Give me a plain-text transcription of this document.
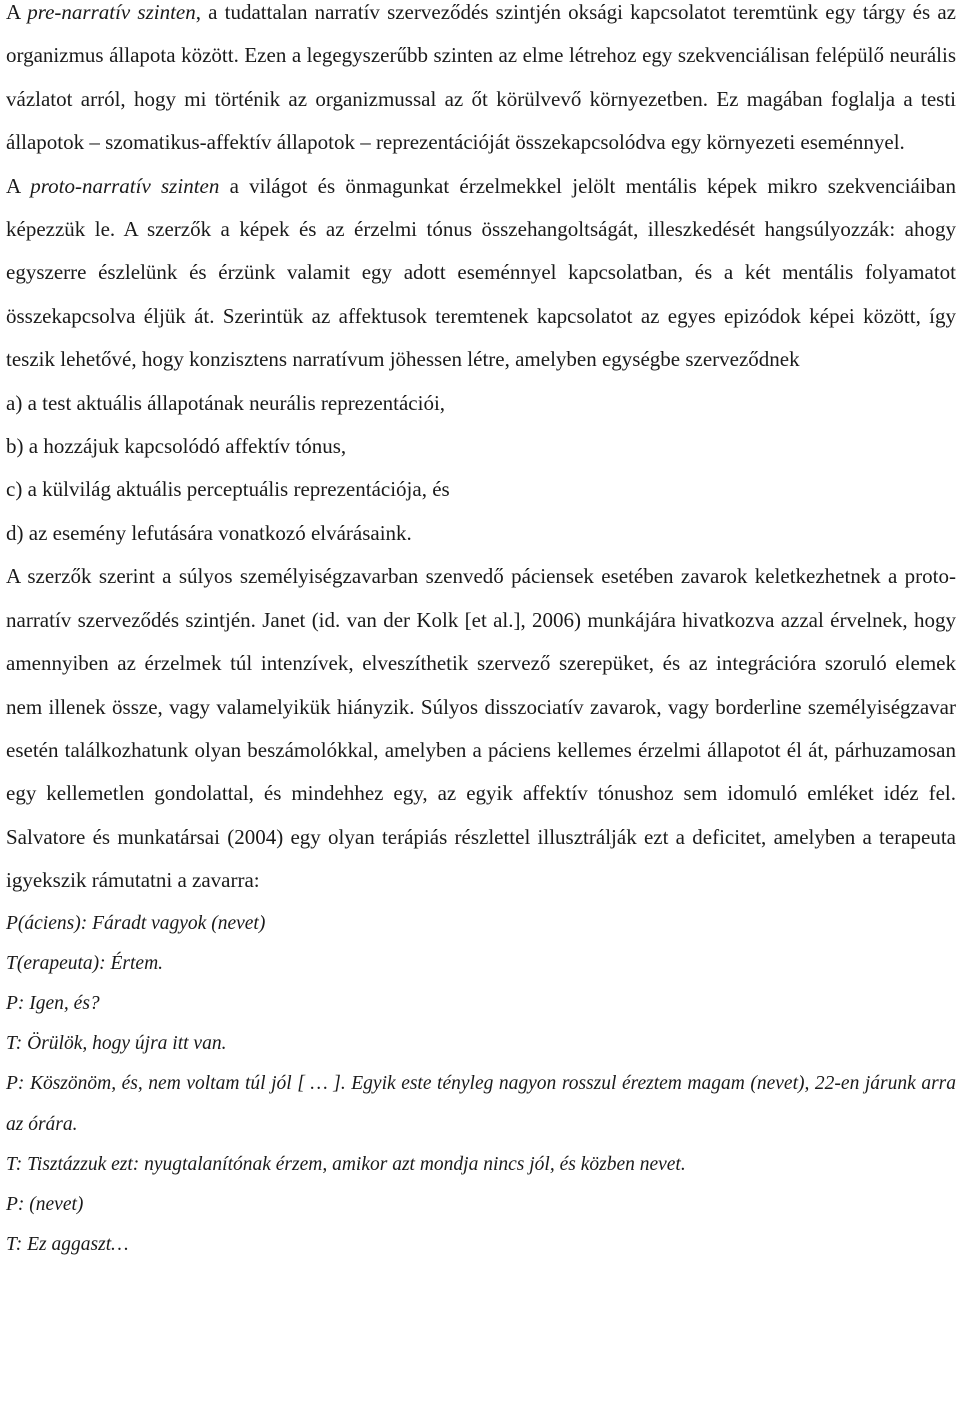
A pre-narratív szinten, a tudattalan narratív szerveződés szintjén oksági kapcsolatot teremtünk egy tárgy és az organizmus állapota között. Ezen a legegyszerűbb szinten az elme létrehoz egy szekvenciálisan felépülő neurális vázlatot arról, hogy mi történik az organizmussal az őt körülvevő környezetben. Ez magában foglalja a testi állapotok – szomatikus-affektív állapotok – reprezentációját összekapcsolódva egy környezeti eseménnyel.

A proto-narratív szinten a világot és önmagunkat érzelmekkel jelölt mentális képek mikro szekvenciáiban képezzük le. A szerzők a képek és az érzelmi tónus összehangoltságát, illeszkedését hangsúlyozzák: ahogy egyszerre észlelünk és érzünk valamit egy adott eseménnyel kapcsolatban, és a két mentális folyamatot összekapcsolva éljük át. Szerintük az affektusok teremtenek kapcsolatot az egyes epizódok képei között, így teszik lehetővé, hogy konzisztens narratívum jöhessen létre, amelyben egységbe szerveződnek

a) a test aktuális állapotának neurális reprezentációi,

b) a hozzájuk kapcsolódó affektív tónus,

c) a külvilág aktuális perceptuális reprezentációja, és

d) az esemény lefutására vonatkozó elvárásaink.

A szerzők szerint a súlyos személyiségzavarban szenvedő páciensek esetében zavarok keletkezhetnek a proto-narratív szerveződés szintjén. Janet (id. van der Kolk [et al.], 2006) munkájára hivatkozva azzal érvelnek, hogy amennyiben az érzelmek túl intenzívek, elveszíthetik szervező szerepüket, és az integrációra szoruló elemek nem illenek össze, vagy valamelyikük hiányzik. Súlyos disszociatív zavarok, vagy borderline személyiségzavar esetén találkozhatunk olyan beszámolókkal, amelyben a páciens kellemes érzelmi állapotot él át, párhuzamosan egy kellemetlen gondolattal, és mindehhez egy, az egyik affektív tónushoz sem idomuló emléket idéz fel. Salvatore és munkatársai (2004) egy olyan terápiás részlettel illusztrálják ezt a deficitet, amelyben a terapeuta igyekszik rámutatni a zavarra:

P(áciens): Fáradt vagyok (nevet)

T(erapeuta): Értem.

P: Igen, és?

T: Örülök, hogy újra itt van.

P: Köszönöm, és, nem voltam túl jól [ … ]. Egyik este tényleg nagyon rosszul éreztem magam (nevet), 22-en járunk arra az órára.

T: Tisztázzuk ezt: nyugtalanítónak érzem, amikor azt mondja nincs jól, és közben nevet.

P: (nevet)

T: Ez aggaszt…
